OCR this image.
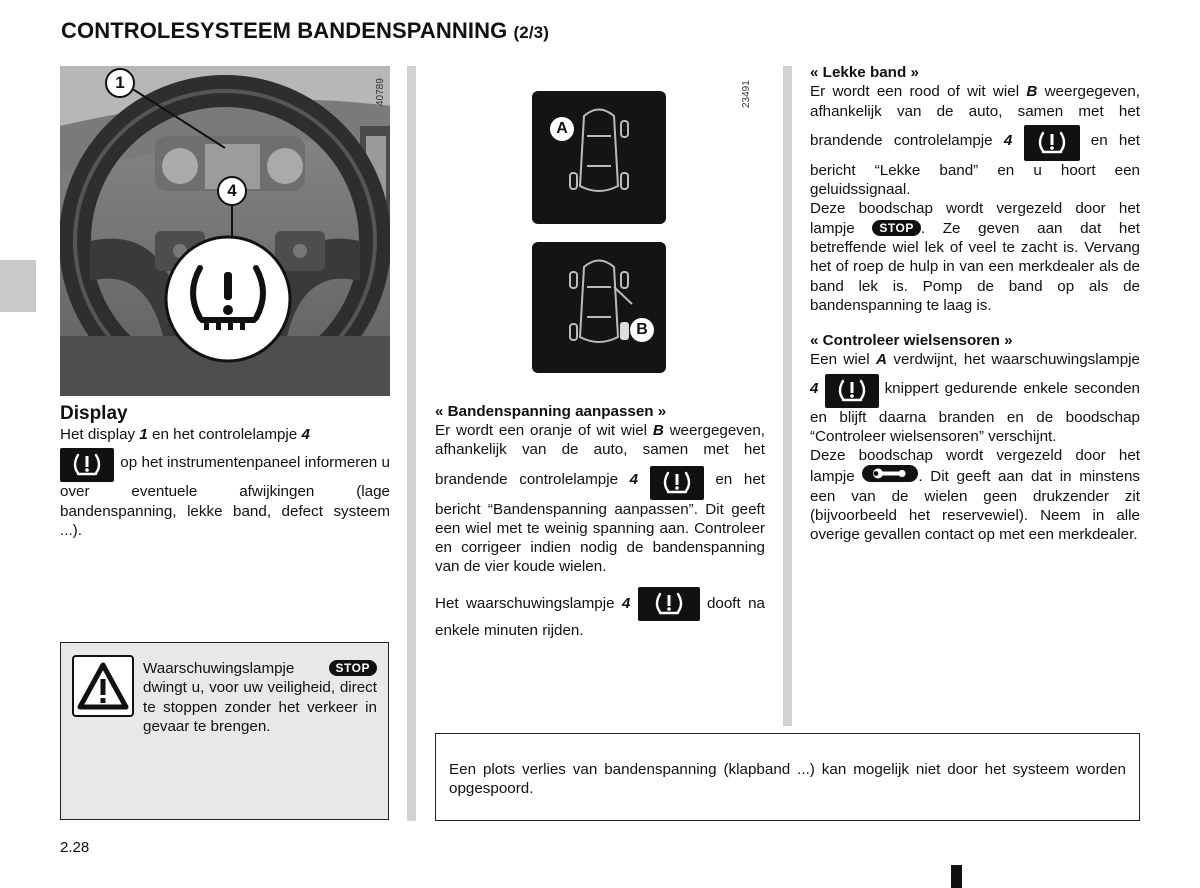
CONTROLESYSTEEM BANDENSPANNING (2/3)
1
4
40789
Display

Het display 1 en het controlelampje 4

op het instrumentenpaneel informeren u over eventuele afwijkingen (lage bandenspanning, lekke band, defect systeem ...).

Waarschuwingslampje STOP dwingt u, voor uw veiligheid, direct te stoppen zonder het verkeer in gevaar te brengen.

A
B
23491
« Bandenspanning aanpassen »

Er wordt een oranje of wit wiel B weergegeven, afhankelijk van de auto, samen met het brandende controlelampje 4	en het bericht “Bandenspanning aanpassen”. Dit geeft een wiel met te weinig spanning aan. Controleer en corrigeer indien nodig de bandenspanning van de vier koude wielen.

Het waarschuwingslampje 4	dooft na enkele minuten rijden.

« Lekke band »

Er wordt een rood of wit wiel B weergegeven, afhankelijk van de auto, samen met het brandende controlelampje 4	en het bericht “Lekke band” en u hoort een geluidssignaal.

Deze boodschap wordt vergezeld door het lampje STOP . Ze geven aan dat het betreffende wiel lek of veel te zacht is. Vervang het of roep de hulp in van een merkdealer als de band lek is. Pomp de band op als de bandenspanning te laag is.

« Controleer wielsensoren »

Een wiel A verdwijnt, het waarschuwingslampje 4	knippert gedurende enkele seconden en blijft daarna branden en de boodschap “Controleer wielsensoren” verschijnt.

Deze boodschap wordt vergezeld door het lampje	. Dit geeft aan dat in minstens een van de wielen geen drukzender zit (bijvoorbeeld het reservewiel). Neem in alle overige gevallen contact op met een merkdealer.

Een plots verlies van bandenspanning (klapband ...) kan mogelijk niet door het systeem worden opgespoord.
2.28
